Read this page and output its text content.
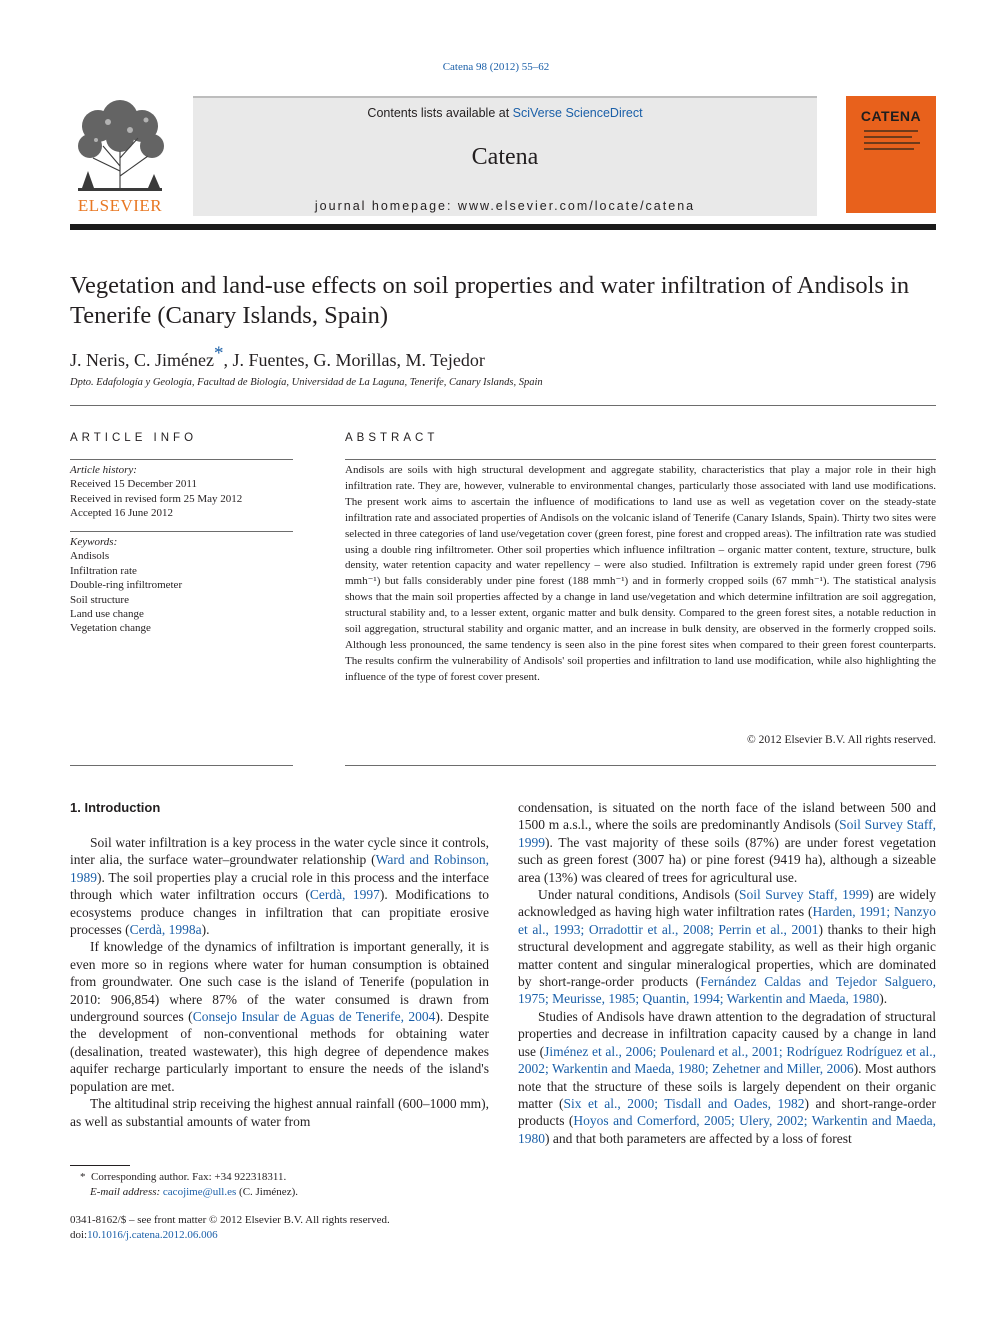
Catena 98 (2012) 55–62
ELSEVIER
Contents lists available at SciVerse ScienceDirect
Catena
journal homepage: www.elsevier.com/locate/catena
CATENA
Vegetation and land-use effects on soil properties and water infiltration of Andisols in Tenerife (Canary Islands, Spain)
J. Neris, C. Jiménez*, J. Fuentes, G. Morillas, M. Tejedor
Dpto. Edafología y Geología, Facultad de Biología, Universidad de La Laguna, Tenerife, Canary Islands, Spain
ARTICLE INFO	ABSTRACT
Article history:
Received 15 December 2011
Received in revised form 25 May 2012
Accepted 16 June 2012
Keywords:
Andisols
Infiltration rate
Double-ring infiltrometer
Soil structure
Land use change
Vegetation change
Andisols are soils with high structural development and aggregate stability, characteristics that play a major role in their high infiltration rate. They are, however, vulnerable to environmental changes, particularly those associated with land use modifications. The present work aims to ascertain the influence of modifications to land use as well as vegetation cover on the steady-state infiltration rate and associated properties of Andisols on the volcanic island of Tenerife (Canary Islands, Spain). Thirty two sites were selected in three categories of land use/vegetation cover (green forest, pine forest and cropped areas). The infiltration rate was studied using a double ring infiltrometer. Other soil properties which influence infiltration – organic matter content, texture, structure, bulk density, water retention capacity and water repellency – were also studied. Infiltration is extremely rapid under green forest (796 mmh⁻¹) but falls considerably under pine forest (188 mmh⁻¹) and in formerly cropped soils (67 mmh⁻¹). The statistical analysis shows that the main soil properties affected by a change in land use/vegetation and which determine infiltration are soil aggregation, structural stability and, to a lesser extent, organic matter and bulk density. Compared to the green forest sites, a notable reduction in soil aggregation, structural stability and organic matter, and an increase in bulk density, are observed in the formerly cropped soils. Although less pronounced, the same tendency is seen also in the pine forest sites when compared to their green forest counterparts. The results confirm the vulnerability of Andisols' soil properties and infiltration to land use modification, while also highlighting the influence of the type of forest cover present.
© 2012 Elsevier B.V. All rights reserved.
1. Introduction

Soil water infiltration is a key process in the water cycle since it controls, inter alia, the surface water–groundwater relationship (Ward and Robinson, 1989). The soil properties play a crucial role in this process and the interface through which water infiltration occurs (Cerdà, 1997). Modifications to ecosystems produce changes in infiltration that can propitiate erosive processes (Cerdà, 1998a).

If knowledge of the dynamics of infiltration is important generally, it is even more so in regions where water for human consumption is obtained from groundwater. One such case is the island of Tenerife (population in 2010: 906,854) where 87% of the water consumed is drawn from underground sources (Consejo Insular de Aguas de Tenerife, 2004). Despite the development of non-conventional methods for obtaining water (desalination, treated wastewater), this high degree of dependence makes aquifer recharge particularly important to ensure the needs of the island's population are met.

The altitudinal strip receiving the highest annual rainfall (600–1000 mm), as well as substantial amounts of water from

condensation, is situated on the north face of the island between 500 and 1500 m a.s.l., where the soils are predominantly Andisols (Soil Survey Staff, 1999). The vast majority of these soils (87%) are under forest vegetation such as green forest (3007 ha) or pine forest (9419 ha), although a sizeable area (13%) was cleared of trees for agricultural use.

Under natural conditions, Andisols (Soil Survey Staff, 1999) are widely acknowledged as having high water infiltration rates (Harden, 1991; Nanzyo et al., 1993; Orradottir et al., 2008; Perrin et al., 2001) thanks to their high structural development and aggregate stability, as well as their high organic matter content and singular mineralogical properties, which are dominated by short-range-order products (Fernández Caldas and Tejedor Salguero, 1975; Meurisse, 1985; Quantin, 1994; Warkentin and Maeda, 1980).

Studies of Andisols have drawn attention to the degradation of structural properties and decrease in infiltration capacity caused by a change in land use (Jiménez et al., 2006; Poulenard et al., 2001; Rodríguez Rodríguez et al., 2002; Warkentin and Maeda, 1980; Zehetner and Miller, 2006). Most authors note that the structure of these soils is largely dependent on their organic matter (Six et al., 2000; Tisdall and Oades, 1982) and short-range-order products (Hoyos and Comerford, 2005; Ulery, 2002; Warkentin and Maeda, 1980) and that both parameters are affected by a loss of forest

* Corresponding author. Fax: +34 922318311.
E-mail address: cacojime@ull.es (C. Jiménez).
0341-8162/$ – see front matter © 2012 Elsevier B.V. All rights reserved.
doi:10.1016/j.catena.2012.06.006
